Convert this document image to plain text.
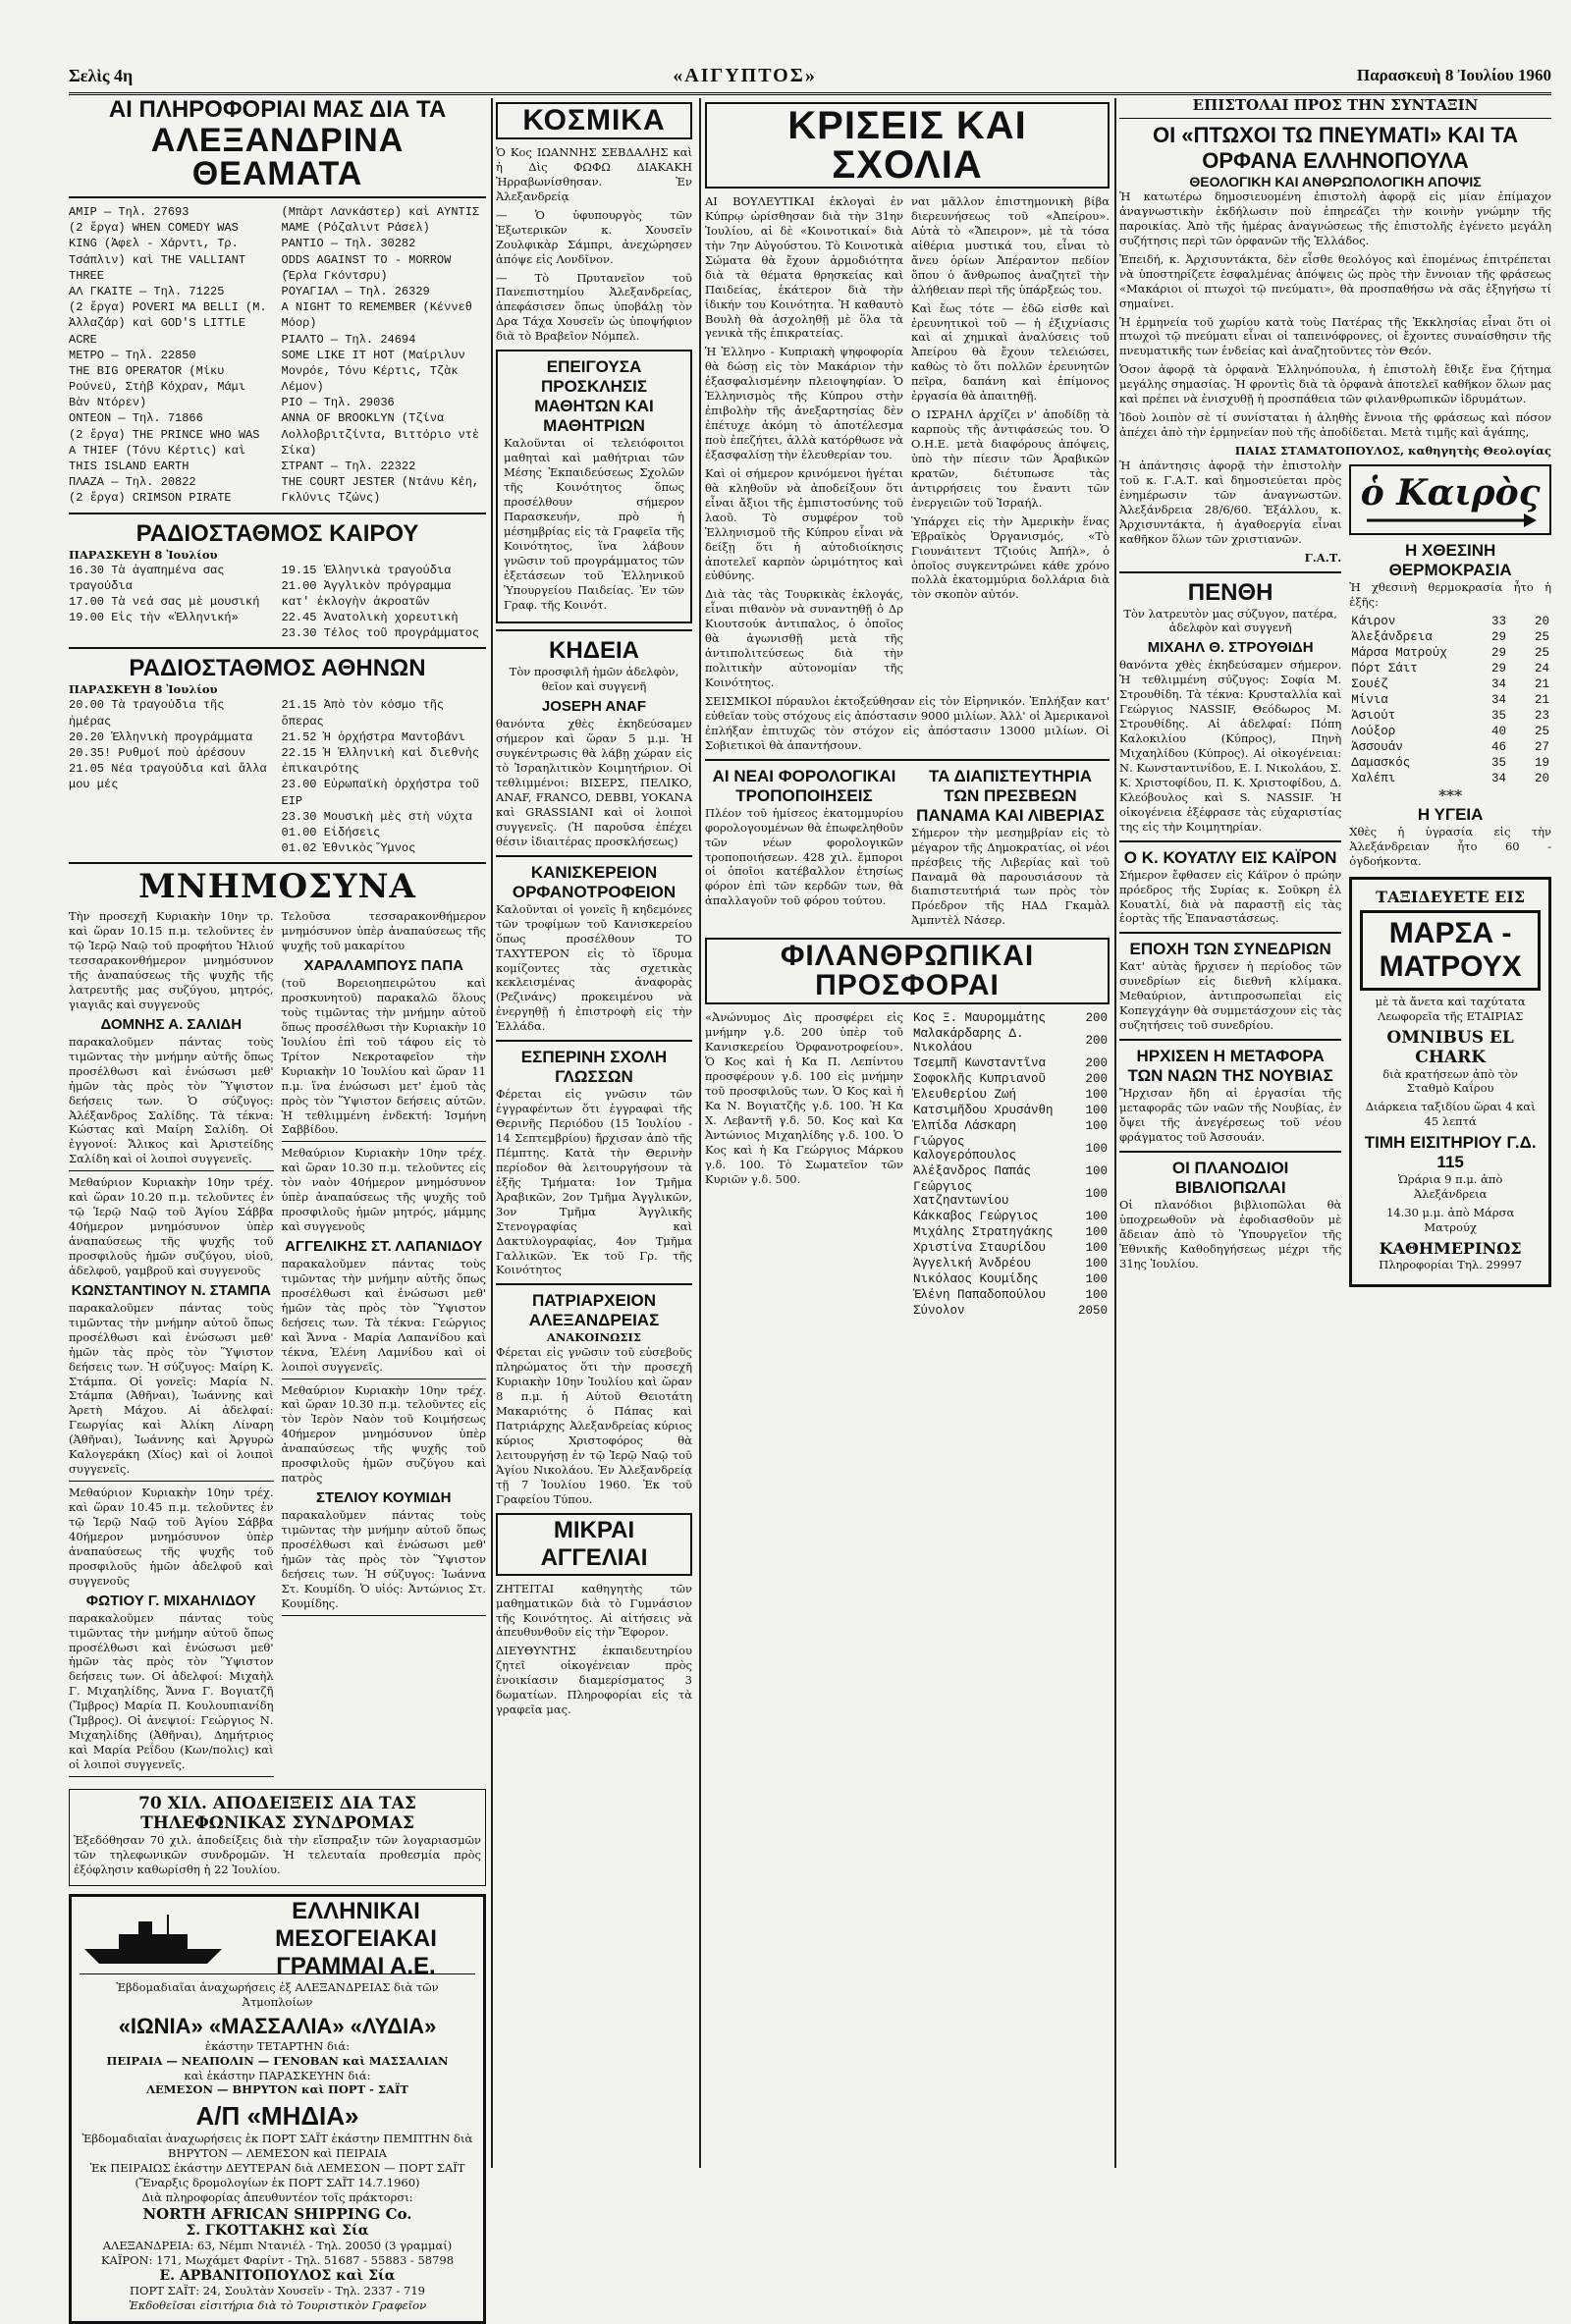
Σελὶς 4η	«ΑΙΓΥΠΤΟΣ»	Παρασκευὴ 8 Ἰουλίου 1960
ΑΙ ΠΛΗΡΟΦΟΡΙΑΙ ΜΑΣ ΔΙΑ ΤΑ
ΑΛΕΞΑΝΔΡΙΝΑ ΘΕΑΜΑΤΑ
ΑΜΙΡ — Τηλ. 27693
(2 ἔργα) WHEN COMEDY WAS KING (Ἀφελ - Χάρντι, Τρ. Τσάπλιν) καὶ THE VALLIANT THREE
ΑΛ ΓΚΑΙΤΕ — Τηλ. 71225
(2 ἔργα) POVERI MA BELLI (Μ. Ἀλλαζάρ) καὶ GOD'S LITTLE ACRE
ΜΕΤΡΟ — Τηλ. 22850
THE BIG OPERATOR (Μίκυ Ρούνεϋ, Στὴβ Κόχραν, Μάμι Βὰν Ντόρεν)
ΟΝΤΕΟΝ — Τηλ. 71866
(2 ἔργα) THE PRINCE WHO WAS A THIEF (Τόνυ Κέρτις) καὶ THIS ISLAND EARTH
ΠΛΑΖΑ — Τηλ. 20822
(2 ἔργα) CRIMSON PIRATE
(Μπὰρτ Λανκάστερ) καὶ ΑΥΝΤΙΣ ΜΑΜΕ (Ρόζαλιντ Ράσελ)
ΡΑΝΤΙΟ — Τηλ. 30282
ODDS AGAINST TO - MORROW (Ἔρλα Γκόντσρυ)
ΡΟΥΑΓΙΑΛ — Τηλ. 26329
A NIGHT TO REMEMBER (Κέννεθ Μόορ)
ΡΙΑΛΤΟ — Τηλ. 24694
SOME LIKE IT HOT (Μαίριλυν Μονρόε, Τόνυ Κέρτις, Τζὰκ Λέμον)
ΡΙΟ — Τηλ. 29036
ANNA OF BROOKLYN (Τζίνα Λολλοβριτζίντα, Βιττόριο ντὲ Σίκα)
ΣΤΡΑΝΤ — Τηλ. 22322
THE COURT JESTER (Ντάνυ Κέη, Γκλύνις Τζώνς)
ΡΑΔΙΟΣΤΑΘΜΟΣ ΚΑΙΡΟΥ
ΠΑΡΑΣΚΕΥΗ 8 Ἰουλίου
16.30 Τὰ ἀγαπημένα σας τραγούδια
17.00 Τὰ νεά σας μὲ μουσική
19.00 Εἰς τὴν «Ἑλληνική»
19.15 Ἑλληνικὰ τραγούδια
21.00 Ἀγγλικὸν πρόγραμμα κατ' ἐκλογὴν ἀκροατῶν
22.45 Ἀνατολικὴ χορευτικὴ
23.30 Τέλος τοῦ προγράμματος
ΡΑΔΙΟΣΤΑΘΜΟΣ ΑΘΗΝΩΝ
ΠΑΡΑΣΚΕΥΗ 8 Ἰουλίου
20.00 Τὰ τραγούδια τῆς ἡμέρας
20.20 Ἑλληνικὴ προγράμματα
20.35! Ρυθμοί ποὺ ἀρέσουν
21.05 Νέα τραγούδια καὶ ἄλλα μου μές
21.15 Ἀπὸ τὸν κόσμο τῆς ὄπερας
21.52 Ἡ ὀρχήστρα Μαντοβάνι
22.15 Ἡ Ἑλληνικὴ καὶ διεθνὴς ἐπικαιρότης
23.00 Εὐρωπαϊκὴ ὀρχήστρα τοῦ ΕΙΡ
23.30 Μουσικὴ μὲς στὴ νύχτα
01.00 Εἰδήσεις
01.02 Ἐθνικὸς Ὕμνος
ΜΝΗΜΟΣΥΝΑ

Τὴν προσεχῆ Κυριακὴν 10ην τρ. καὶ ὥραν 10.15 π.μ. τελοῦντες ἐν τῷ Ἱερῷ Ναῷ τοῦ προφήτου Ἠλιού τεσσαρακονθήμερον μνημόσυνον τῆς ἀναπαύσεως τῆς ψυχῆς τῆς λατρευτῆς μας συζύγου, μητρός, γιαγιᾶς καὶ συγγενοῦς

ΔΟΜΝΗΣ Α. ΣΑΛΙΔΗ

παρακαλοῦμεν πάντας τοὺς τιμῶντας τὴν μνήμην αὐτῆς ὅπως προσέλθωσι καὶ ἑνώσωσι μεθ' ἡμῶν τὰς πρὸς τὸν Ὕψιστον δεήσεις των. Ὁ σύζυγος: Ἀλέξανδρος Σαλίδης. Τὰ τέκνα: Κώστας καὶ Μαίρη Σαλίδη. Οἱ ἐγγονοί: Ἄλικος καὶ Ἀριστείδης Σαλίδη καὶ οἱ λοιποὶ συγγενεῖς.

Μεθαύριον Κυριακὴν 10ην τρέχ. καὶ ὥραν 10.20 π.μ. τελοῦντες ἐν τῷ Ἱερῷ Ναῷ τοῦ Ἁγίου Σάββα 40ήμερον μνημόσυνον ὑπὲρ ἀναπαύσεως τῆς ψυχῆς τοῦ προσφιλοῦς ἡμῶν συζύγου, υἱοῦ, ἀδελφοῦ, γαμβροῦ καὶ συγγενοῦς

ΚΩΝΣΤΑΝΤΙΝΟΥ Ν. ΣΤΑΜΠΑ

παρακαλοῦμεν πάντας τοὺς τιμῶντας τὴν μνήμην αὐτοῦ ὅπως προσέλθωσι καὶ ἑνώσωσι μεθ' ἡμῶν τὰς πρὸς τὸν Ὕψιστον δεήσεις των. Ἡ σύζυγος: Μαίρη Κ. Στάμπα. Οἱ γονεῖς: Μαρία Ν. Στάμπα (Ἀθῆναι), Ἰωάννης καὶ Ἀρετὴ Μάχου. Αἱ ἀδελφαί: Γεωργίας καὶ Ἀλίκη Λίναρη (Ἀθῆναι), Ἰωάννης καὶ Ἀργυρὼ Καλογεράκη (Χίος) καὶ οἱ λοιποὶ συγγενεῖς.

Μεθαύριον Κυριακὴν 10ην τρέχ. καὶ ὥραν 10.45 π.μ. τελοῦντες ἐν τῷ Ἱερῷ Ναῷ τοῦ Ἁγίου Σάββα 40ήμερον μνημόσυνον ὑπὲρ ἀναπαύσεως τῆς ψυχῆς τοῦ προσφιλοῦς ἡμῶν ἀδελφοῦ καὶ συγγενοῦς

ΦΩΤΙΟΥ Γ. ΜΙΧΑΗΛΙΔΟΥ

παρακαλοῦμεν πάντας τοὺς τιμῶντας τὴν μνήμην αὐτοῦ ὅπως προσέλθωσι καὶ ἑνώσωσι μεθ' ἡμῶν τὰς πρὸς τὸν Ὕψιστον δεήσεις των. Οἱ ἀδελφοί: Μιχαὴλ Γ. Μιχαηλίδης, Ἄννα Γ. Βογιατζῆ (Ἴμβρος) Μαρία Π. Κουλουπιανίδη (Ἴμβρος). Οἱ ἀνεψιοί: Γεώργιος Ν. Μιχαηλίδης (Ἀθῆναι), Δημήτριος καὶ Μαρία Ρεΐδου (Κων/πολις) καὶ οἱ λοιποὶ συγγενεῖς.

Τελοῦσα τεσσαρακονθήμερον μνημόσυνον ὑπὲρ ἀναπαύσεως τῆς ψυχῆς τοῦ μακαρίτου

ΧΑΡΑΛΑΜΠΟΥΣ ΠΑΠΑ

(τοῦ Βορειοηπειρώτου καὶ προσκυνητοῦ) παρακαλῶ ὅλους τοὺς τιμῶντας τὴν μνήμην αὐτοῦ ὅπως προσέλθωσι τὴν Κυριακὴν 10 Ἰουλίου ἐπὶ τοῦ τάφου εἰς τὸ Τρίτον Νεκροταφεῖον τὴν Κυριακὴν 10 Ἰουλίου καὶ ὥραν 11 π.μ. ἵνα ἑνώσωσι μετ' ἐμοῦ τὰς πρὸς τὸν Ὕψιστον δεήσεις αὐτῶν. Ἡ τεθλιμμένη ἐνδεκτή: Ἰσμήνη Σαββίδου.

Μεθαύριον Κυριακὴν 10ην τρέχ. καὶ ὥραν 10.30 π.μ. τελοῦντες εἰς τὸν ναὸν 40ήμερον μνημόσυνον ὑπὲρ ἀναπαύσεως τῆς ψυχῆς τοῦ προσφιλοῦς ἡμῶν μητρός, μάμμης καὶ συγγενοῦς

ΑΓΓΕΛΙΚΗΣ ΣΤ. ΛΑΠΑΝΙΔΟΥ

παρακαλοῦμεν πάντας τοὺς τιμῶντας τὴν μνήμην αὐτῆς ὅπως προσέλθωσι καὶ ἑνώσωσι μεθ' ἡμῶν τὰς πρὸς τὸν Ὕψιστον δεήσεις των. Τὰ τέκνα: Γεώργιος καὶ Ἄννα - Μαρία Λαπανίδου καὶ τέκνα, Ἑλένη Λαμνίδου καὶ οἱ λοιποὶ συγγενεῖς.

Μεθαύριον Κυριακὴν 10ην τρέχ. καὶ ὥραν 10.30 π.μ. τελοῦντες εἰς τὸν Ἱερὸν Ναὸν τοῦ Κοιμήσεως 40ήμερον μνημόσυνον ὑπὲρ ἀναπαύσεως τῆς ψυχῆς τοῦ προσφιλοῦς ἡμῶν συζύγου καὶ πατρὸς

ΣΤΕΛΙΟΥ ΚΟΥΜΙΔΗ

παρακαλοῦμεν πάντας τοὺς τιμῶντας τὴν μνήμην αὐτοῦ ὅπως προσέλθωσι καὶ ἑνώσωσι μεθ' ἡμῶν τὰς πρὸς τὸν Ὕψιστον δεήσεις των. Ἡ σύζυγος: Ἰωάννα Στ. Κουμίδη. Ὁ υἱός: Ἀντώνιος Στ. Κουμίδης.

70 ΧΙΛ. ΑΠΟΔΕΙΞΕΙΣ ΔΙΑ ΤΑΣ ΤΗΛΕΦΩΝΙΚΑΣ ΣΥΝΔΡΟΜΑΣ

Ἐξεδόθησαν 70 χιλ. ἀποδείξεις διὰ τὴν εἴσπραξιν τῶν λογαριασμῶν τῶν τηλεφωνικῶν συνδρομῶν. Ἡ τελευταία προθεσμία πρὸς ἐξόφλησιν καθωρίσθη ἡ 22 Ἰουλίου.

ΕΛΛΗΝΙΚΑΙ ΜΕΣΟΓΕΙΑΚΑΙ ΓΡΑΜΜΑΙ Α.Ε.

Ἑβδομαδιαῖαι ἀναχωρήσεις ἐξ ΑΛΕΞΑΝΔΡΕΙΑΣ διὰ τῶν Ἀτμοπλοίων

«ΙΩΝΙΑ» «ΜΑΣΣΑΛΙΑ» «ΛΥΔΙΑ»
ἑκάστην ΤΕΤΑΡΤΗΝ διά:
ΠΕΙΡΑΙΑ — ΝΕΑΠΟΛΙΝ — ΓΕΝΟΒΑΝ καὶ ΜΑΣΣΑΛΙΑΝ
καὶ ἑκάστην ΠΑΡΑΣΚΕΥΗΝ διά:
ΛΕΜΕΣΟΝ — ΒΗΡΥΤΟΝ καὶ ΠΟΡΤ - ΣΑΪΤ
Α/Π «ΜΗΔΙΑ»
Ἑβδομαδιαῖαι ἀναχωρήσεις ἐκ ΠΟΡΤ ΣΑΪΤ ἑκάστην ΠΕΜΠΤΗΝ διὰ ΒΗΡΥΤΟΝ — ΛΕΜΕΣΟΝ καὶ ΠΕΙΡΑΙΑ
Ἐκ ΠΕΙΡΑΙΩΣ ἑκάστην ΔΕΥΤΕΡΑΝ διὰ ΛΕΜΕΣΟΝ — ΠΟΡΤ ΣΑΪΤ
(Ἔναρξις δρομολογίων ἐκ ΠΟΡΤ ΣΑΪΤ 14.7.1960)
Διὰ πληροφορίας ἀπευθυντέον τοῖς πράκτορσι:
NORTH AFRICAN SHIPPING Co.
Σ. ΓΚΟΤΤΑΚΗΣ καὶ Σία
ΑΛΕΞΑΝΔΡΕΙΑ: 63, Νέμπι Ντανιέλ - Τηλ. 20050 (3 γραμμαί)
ΚΑΪΡΟΝ: 171, Μωχάμετ Φαρίντ - Τηλ. 51687 - 55883 - 58798
Ε. ΑΡΒΑΝΙΤΟΠΟΥΛΟΣ καὶ Σία
ΠΟΡΤ ΣΑΪΤ: 24, Σουλτὰν Χουσεῖν - Τηλ. 2337 - 719
Ἐκδοθεῖσαι εἰσιτήρια διὰ τὸ Τουριστικὸν Γραφεῖον
ΚΟΣΜΙΚΑ

Ὁ Κος ΙΩΑΝΝΗΣ ΣΕΒΔΑΛΗΣ καὶ ἡ Δὶς ΦΩΦΩ ΔΙΑΚΑΚΗ Ἠρραβωνίσθησαν. Ἐν Ἀλεξανδρείᾳ

— Ὁ ὑφυπουργὸς τῶν Ἐξωτερικῶν κ. Χουσεῖν Ζουλφικὰρ Σάμπρι, ἀνεχώρησεν ἀπόψε εἰς Λονδῖνον.

— Τὸ Πρυτανεῖον τοῦ Πανεπιστημίου Ἀλεξανδρείας, ἀπεφάσισεν ὅπως ὑποβάλῃ τὸν Δρα Τάχα Χουσεῖν ὡς ὑποψήφιον διὰ τὸ Βραβεῖον Νόμπελ.

ΕΠΕΙΓΟΥΣΑ ΠΡΟΣΚΛΗΣΙΣ ΜΑΘΗΤΩΝ ΚΑΙ ΜΑΘΗΤΡΙΩΝ

Καλοῦνται οἱ τελειόφοιτοι μαθηταὶ καὶ μαθήτριαι τῶν Μέσης Ἐκπαιδεύσεως Σχολῶν τῆς Κοινότητος ὅπως προσέλθουν σήμερον Παρασκευήν, πρὸ ἡ μέσημβρίας εἰς τὰ Γραφεῖα τῆς Κοινότητος, ἵνα λάβουν γνῶσιν τοῦ προγράμματος τῶν ἐξετάσεων τοῦ Ἑλληνικοῦ Ὑπουργείου Παιδείας. Ἐν τῶν Γραφ. τῆς Κοινότ.

ΚΗΔΕΙΑ

Τὸν προσφιλῆ ἡμῶν ἀδελφὸν, θεῖον καὶ συγγενῆ

JOSEPH ANAF

θανόντα χθὲς ἐκηδεύσαμεν σήμερον καὶ ὥραν 5 μ.μ. Ἡ συγκέντρωσις θὰ λάβῃ χώραν εἰς τὸ Ἰσραηλιτικὸν Κοιμητήριον. Οἱ τεθλιμμένοι: ΒΙΣΕΡΣ, ΠΕΛΙΚΟ, ANAF, FRANCO, DEBBI, YOKANA καὶ GRASSIANI καὶ οἱ λοιποὶ συγγενεῖς. (Ἡ παροῦσα ἐπέχει θέσιν ἰδιαιτέρας προσκλήσεως)

ΚΑΝΙΣΚΕΡΕΙΟΝ ΟΡΦΑΝΟΤΡΟΦΕΙΟΝ

Καλοῦνται οἱ γονεῖς ἢ κηδεμόνες τῶν τροφίμων τοῦ Κανισκερείου ὅπως προσέλθουν ΤΟ ΤΑΧΥΤΕΡΟΝ εἰς τὸ ἵδρυμα κομίζοντες τὰς σχετικὰς κεκλεισμένας ἀναφορὰς (Ρεζινάνς) προκειμένου νὰ ἐνεργηθῇ ἡ ἐπιστροφὴ εἰς τὴν Ἑλλάδα.

ΕΣΠΕΡΙΝΗ ΣΧΟΛΗ ΓΛΩΣΣΩΝ

Φέρεται εἰς γνῶσιν τῶν ἐγγραφέντων ὅτι ἐγγραφαὶ τῆς Θερινῆς Περιόδου (15 Ἰουλίου - 14 Σεπτεμβρίου) ἤρχισαν ἀπὸ τῆς Πέμπτης. Κατὰ τὴν Θερινὴν περίοδον θὰ λειτουργήσουν τὰ ἑξῆς Τμήματα: 1ον Τμῆμα Ἀραβικῶν, 2ον Τμῆμα Ἀγγλικῶν, 3ον Τμῆμα Ἀγγλικῆς Στενογραφίας καὶ Δακτυλογραφίας, 4ον Τμῆμα Γαλλικῶν. Ἐκ τοῦ Γρ. τῆς Κοινότητος

ΠΑΤΡΙΑΡΧΕΙΟΝ ΑΛΕΞΑΝΔΡΕΙΑΣ
ΑΝΑΚΟΙΝΩΣΙΣ

Φέρεται εἰς γνῶσιν τοῦ εὐσεβοῦς πληρώματος ὅτι τὴν προσεχῆ Κυριακὴν 10ην Ἰουλίου καὶ ὥραν 8 π.μ. ἡ Αὐτοῦ Θειοτάτη Μακαριότης ὁ Πάπας καὶ Πατριάρχης Ἀλεξανδρείας κύριος κύριος Χριστοφόρος θὰ λειτουργήσῃ ἐν τῷ Ἱερῷ Ναῷ τοῦ Ἁγίου Νικολάου. Ἐν Ἀλεξανδρείᾳ τῇ 7 Ἰουλίου 1960. Ἐκ τοῦ Γραφείου Τύπου.

ΜΙΚΡΑΙ ΑΓΓΕΛΙΑΙ

ΖΗΤΕΙΤΑΙ καθηγητὴς τῶν μαθηματικῶν διὰ τὸ Γυμνάσιον τῆς Κοινότητος. Αἱ αἰτήσεις νὰ ἀπευθυνθοῦν εἰς τὴν Ἔφορον.

ΔΙΕΥΘΥΝΤΗΣ ἐκπαιδευτηρίου ζητεῖ οἰκογένειαν πρὸς ἐνοικίασιν διαμερίσματος 3 δωματίων. Πληροφορίαι εἰς τὰ γραφεῖα μας.

ΚΡΙΣΕΙΣ ΚΑΙ ΣΧΟΛΙΑ

ΑΙ ΒΟΥΛΕΥΤΙΚΑΙ ἐκλογαὶ ἐν Κύπρῳ ὡρίσθησαν διὰ τὴν 31ην Ἰουλίου, αἱ δὲ «Κοινοτικαί» διὰ τὴν 7ην Αὐγούστου. Τὸ Κοινοτικὰ Σώματα θὰ ἔχουν ἀρμοδιότητα διὰ τὰ θέματα θρησκείας καὶ Παιδείας, ἑκάτερον διὰ τὴν ἰδικήν του Κοινότητα. Ἡ καθαυτὸ Βουλὴ θὰ ἀσχοληθῇ μὲ ὅλα τὰ γενικὰ τῆς ἐπικρατείας.

Ἡ Ἑλληνο - Κυπριακὴ ψηφοφορία θὰ δώσῃ εἰς τὸν Μακάριον τὴν ἐξασφαλισμένην πλειοψηφίαν. Ὁ Ἑλληνισμὸς τῆς Κύπρου στὴν ἐπιβολὴν τῆς ἀνεξαρτησίας δὲν ἐπέτυχε ἀκόμη τὸ ἀποτέλεσμα ποὺ ἐπεζήτει, ἀλλὰ κατόρθωσε νὰ ἐξασφαλίσῃ τὴν ἐλευθερίαν του.

Καὶ οἱ σήμερον κρινόμενοι ἡγέται θὰ κληθοῦν νὰ ἀποδείξουν ὅτι εἶναι ἄξιοι τῆς ἐμπιστοσύνης τοῦ λαοῦ. Τὸ συμφέρον τοῦ Ἑλληνισμοῦ τῆς Κύπρου εἶναι νὰ δείξῃ ὅτι ἡ αὐτοδιοίκησις ἀποτελεῖ καρπὸν ὡριμότητος καὶ εὐθύνης.

Διὰ τὰς τὰς Τουρκικὰς ἐκλογάς, εἶναι πιθανὸν νὰ συναντηθῇ ὁ Δρ Κιουτσούκ ἀντιπαλος, ὁ ὁποῖος θὰ ἀγωνισθῇ μετὰ τῆς ἀντιπολιτεύσεως διὰ τὴν πολιτικὴν αὐτονομίαν τῆς Κοινότητος.

ναι μᾶλλον ἐπιστημονικὴ βίβα διερευνήσεως τοῦ «Ἀπείρου». Αὐτὰ τὸ «Ἄπειρον», μὲ τὰ τόσα αἰθέρια μυστικά του, εἶναι τὸ ἄνευ ὁρίων Ἀπέραντον πεδίον ὅπου ὁ ἄνθρωπος ἀναζητεῖ τὴν ἀλήθειαν περὶ τῆς ὑπάρξεώς του.

Καὶ ἔως τότε — ἐδῶ εἰσθε καὶ ἐρευνητικοὶ τοῦ — ἡ ἐξιχνίασις καὶ αἱ χημικαὶ ἀναλύσεις τοῦ Ἀπείρου θὰ ἔχουν τελειώσει, καθὼς τὸ ὅτι πολλῶν ἐρευνητῶν πεῖρα, δαπάνη καὶ ἐπίμονος ἐργασία θὰ ἀπαιτηθῇ.

Ο ΙΣΡΑΗΛ ἀρχίζει ν' ἀποδίδῃ τὰ καρποὺς τῆς ἀντιφάσεώς του. Ὁ Ο.Η.Ε. μετὰ διαφόρους ἀπόψεις, ὑπὸ τὴν πίεσιν τῶν Ἀραβικῶν κρατῶν, διέτυπωσε τὰς ἀντιρρήσεις του ἔναντι τῶν ἐνεργειῶν τοῦ Ἰσραήλ.

Ὑπάρχει εἰς τὴν Ἀμερικὴν ἕνας Ἑβραϊκὸς Ὀργανισμός, «Τὸ Γιουνάιτεντ Τζιούις Ἀπήλ», ὁ ὁποῖος συγκεντρώνει κάθε χρόνο πολλὰ ἑκατομμύρια δολλάρια διὰ τὸν σκοπὸν αὐτόν.

ΣΕΙΣΜΙΚΟΙ πύραυλοι ἐκτοξεύθησαν εἰς τὸν Εἰρηνικόν. Ἐπλήξαν κατ' εὐθεῖαν τοὺς στόχους εἰς ἀπόστασιν 9000 μιλίων. Ἀλλ' οἱ Ἀμερικανοὶ ἐπλήξαν ἐπιτυχῶς τὸν στόχον εἰς ἀπόστασιν 13000 μιλίων. Οἱ Σοβιετικοὶ θὰ ἀπαντήσουν.

ΑΙ ΝΕΑΙ ΦΟΡΟΛΟΓΙΚΑΙ ΤΡΟΠΟΠΟΙΗΣΕΙΣ

Πλέον τοῦ ἡμίσεος ἑκατομμυρίου φορολογουμένων θὰ ἐπωφεληθοῦν τῶν νέων φορολογικῶν τροποποιήσεων. 428 χιλ. ἔμποροι οἱ ὁποῖοι κατέβαλλον ἐτησίως φόρον ἐπὶ τῶν κερδῶν των, θὰ ἀπαλλαγοῦν τοῦ φόρου τούτου.

ΤΑ ΔΙΑΠΙΣΤΕΥΤΗΡΙΑ ΤΩΝ ΠΡΕΣΒΕΩΝ ΠΑΝΑΜΑ ΚΑΙ ΛΙΒΕΡΙΑΣ

Σήμερον τὴν μεσημβρίαν εἰς τὸ μέγαρον τῆς Δημοκρατίας, οἱ νέοι πρέσβεις τῆς Λιβερίας καὶ τοῦ Παναμᾶ θὰ παρουσιάσουν τὰ διαπιστευτήριά των πρὸς τὸν Πρόεδρον τῆς ΗΑΔ Γκαμὰλ Ἀμπντὲλ Νάσερ.

ΦΙΛΑΝΘΡΩΠΙΚΑΙ ΠΡΟΣΦΟΡΑΙ

«Ἀνώνυμος Δὶς προσφέρει εἰς μνήμην γ.δ. 200 ὑπὲρ τοῦ Κανισκερείου Ὀρφανοτροφείου». Ὁ Κος καὶ ἡ Κα Π. Λεπίντου προσφέρουν γ.δ. 100 εἰς μνήμην τοῦ προσφιλοῦς των. Ὁ Κος καὶ ἡ Κα Ν. Βογιατζῆς γ.δ. 100. Ἡ Κα Χ. Λεβαντῆ γ.δ. 50. Κος καὶ Κα Ἀντώνιος Μιχαηλίδης γ.δ. 100. Ὁ Κος καὶ ἡ Κα Γεώργιος Μάρκου γ.δ. 100. Τὸ Σωματεῖον τῶν Κυριῶν γ.δ. 500.

Κος Ξ. Μαυρομμάτης	200
Μαλακάρδαρης Δ. Νικολάου	200
Τσεμπῆ Κωνσταντῖνα	200
Σοφοκλῆς Κυπριανοῦ	200
Ἐλευθερίου Ζωή	100
Κατσιμῆδου Χρυσάνθη	100
Ἐλπίδα Λάσκαρη	100
Γιώργος Καλογερόπουλος	100
Ἀλέξανδρος Παπάς	100
Γεώργιος Χατζηαντωνίου	100
Κάκκαβος Γεώργιος	100
Μιχάλης Στρατηγάκης	100
Χριστίνα Σταυρίδου	100
Ἀγγελική Ἀνδρέου	100
Νικόλαος Κουμίδης	100
Ἑλένη Παπαδοπούλου	100
Σύνολον	2050
ΕΠΙΣΤΟΛΑΙ ΠΡΟΣ ΤΗΝ ΣΥΝΤΑΞΙΝ
ΟΙ «ΠΤΩΧΟΙ ΤΩ ΠΝΕΥΜΑΤΙ» ΚΑΙ ΤΑ ΟΡΦΑΝΑ ΕΛΛΗΝΟΠΟΥΛΑ
ΘΕΟΛΟΓΙΚΗ ΚΑΙ ΑΝΘΡΩΠΟΛΟΓΙΚΗ ΑΠΟΨΙΣ

Ἡ κατωτέρω δημοσιευομένη ἐπιστολὴ ἀφορᾷ εἰς μίαν ἐπίμαχον ἀναγνωστικὴν ἐκδήλωσιν ποὺ ἐπηρεάζει τὴν κοινὴν γνώμην τῆς παροικίας. Ἀπὸ τῆς ἡμέρας ἀναγνώσεως τῆς ἐπιστολῆς ἐγένετο μεγάλη συζήτησις περὶ τῶν ὀρφανῶν τῆς Ἑλλάδος.

Ἐπειδή, κ. Ἀρχισυντάκτα, δὲν εἶσθε θεολόγος καὶ ἐπομένως ἐπιτρέπεται νὰ ὑποστηρίζετε ἐσφαλμένας ἀπόψεις ὡς πρὸς τὴν ἔννοιαν τῆς φράσεως «Μακάριοι οἱ πτωχοὶ τῷ πνεύματι», θὰ προσπαθήσω νὰ σᾶς ἐξηγήσω τί σημαίνει.

Ἡ ἐρμηνεία τοῦ χωρίου κατὰ τοὺς Πατέρας τῆς Ἐκκλησίας εἶναι ὅτι οἱ πτωχοὶ τῷ πνεύματι εἶναι οἱ ταπεινόφρονες, οἱ ἔχοντες συναίσθησιν τῆς πνευματικῆς των ἐνδείας καὶ ἀναζητοῦντες τὸν Θεόν.

Ὁσον ἀφορᾷ τὰ ὀρφανὰ Ἑλληνόπουλα, ἡ ἐπιστολὴ ἔθιξε ἕνα ζήτημα μεγάλης σημασίας. Ἡ φροντὶς διὰ τὰ ὀρφανὰ ἀποτελεῖ καθῆκον ὅλων μας καὶ πρέπει νὰ ἐνισχυθῇ ἡ προσπάθεια τῶν φιλανθρωπικῶν ἱδρυμάτων.

Ἰδοὺ λοιπὸν σὲ τί συνίσταται ἡ ἀληθὴς ἔννοια τῆς φράσεως καὶ πόσον ἀπέχει ἀπὸ τὴν ἑρμηνείαν ποὺ τῆς ἀποδίδεται. Μετὰ τιμῆς καὶ ἀγάπης,

ΠΑΙΑΣ ΣΤΑΜΑΤΟΠΟΥΛΟΣ, καθηγητὴς Θεολογίας

Ἡ ἀπάντησις ἀφορᾷ τὴν ἐπιστολὴν τοῦ κ. Γ.Α.Τ. καὶ δημοσιεύεται πρὸς ἐνημέρωσιν τῶν ἀναγνωστῶν. Ἀλεξάνδρεια 28/6/60. Ἐξάλλου, κ. Ἀρχισυντάκτα, ἡ ἀγαθοεργία εἶναι καθῆκον ὅλων τῶν χριστιανῶν.

Γ.Α.Τ.
ΠΕΝΘΗ

Τὸν λατρευτὸν μας σύζυγον, πατέρα, ἀδελφὸν καὶ συγγενῆ

ΜΙΧΑΗΛ Θ. ΣΤΡΟΥΘΙΔΗ

θανόντα χθὲς ἐκηδεύσαμεν σήμερον. Ἡ τεθλιμμένη σύζυγος: Σοφία Μ. Στρουθίδη. Τὰ τέκνα: Κρυσταλλία καὶ Γεώργιος NASSIF, Θεόδωρος Μ. Στρουθίδης. Αἱ ἀδελφαί: Πόπη Καλοκιλίου (Κύπρος), Πηνὴ Μιχαηλίδου (Κύπρος). Αἱ οἰκογένειαι: Ν. Κωνσταντινίδου, Ε. Ι. Νικολάου, Σ. Κ. Χριστοφίδου, Π. Κ. Χριστοφίδου, Δ. Κλεόβουλος καὶ S. NASSIF. Ἡ οἰκογένεια ἐξέφρασε τὰς εὐχαριστίας της εἰς τὴν Κοιμητηρίαν.

Ο Κ. ΚΟΥΑΤΛΥ ΕΙΣ ΚΑΪΡΟΝ

Σήμερον ἔφθασεν εἰς Κάϊρον ὁ πρώην πρόεδρος τῆς Συρίας κ. Σοῦκρη ἐλ Κουατλί, διὰ νὰ παραστῇ εἰς τὰς ἑορτὰς τῆς Ἐπαναστάσεως.

ΕΠΟΧΗ ΤΩΝ ΣΥΝΕΔΡΙΩΝ

Κατ' αὐτὰς ἤρχισεν ἡ περίοδος τῶν συνεδρίων εἰς διεθνῆ κλίμακα. Μεθαύριον, ἀντιπροσωπεῖαι εἰς Κοπεγχάγην θὰ συμμετάσχουν εἰς τὰς συζητήσεις τοῦ συνεδρίου.

ΗΡΧΙΣΕΝ Η ΜΕΤΑΦΟΡΑ ΤΩΝ ΝΑΩΝ ΤΗΣ ΝΟΥΒΙΑΣ

Ἤρχισαν ἤδη αἱ ἐργασίαι τῆς μεταφορᾶς τῶν ναῶν τῆς Νουβίας, ἐν ὄψει τῆς ἀνεγέρσεως τοῦ νέου φράγματος τοῦ Ἀσσουάν.

ΟΙ ΠΛΑΝΟΔΙΟΙ ΒΙΒΛΙΟΠΩΛΑΙ

Οἱ πλανόδιοι βιβλιοπῶλαι θὰ ὑποχρεωθοῦν νὰ ἐφοδιασθοῦν μὲ ἄδειαν ἀπὸ τὸ Ὑπουργεῖον τῆς Ἐθνικῆς Καθοδηγήσεως μέχρι τῆς 31ης Ἰουλίου.

ὁ Καιρὸς
Η ΧΘΕΣΙΝΗ ΘΕΡΜΟΚΡΑΣΙΑ

Ἡ χθεσινὴ θερμοκρασία ἦτο ἡ ἑξῆς:

Κάιρον	33	20
Ἀλεξάνδρεια	29	25
Μάρσα Ματρούχ	29	25
Πόρτ Σάιτ	29	24
Σουέζ	34	21
Μίνια	34	21
Ἀσιούτ	35	23
Λούξορ	40	25
Ἀσσουάν	46	27
Δαμασκός	35	19
Χαλέπι	34	20
***
Η ΥΓΕΙΑ

Χθὲς ἡ ὑγρασία εἰς τὴν Ἀλεξάνδρειαν ἦτο 60 - ὀγδοήκοντα.

ΤΑΞΙΔΕΥΕΤΕ ΕΙΣ
ΜΑΡΣΑ - ΜΑΤΡΟΥΧ

μὲ τὰ ἄνετα καὶ ταχύτατα Λεωφορεῖα τῆς ΕΤΑΙΡΙΑΣ

OMNIBUS EL CHARK

διὰ κρατήσεων ἀπὸ τὸν Σταθμὸ Καΐρου

Διάρκεια ταξιδίου ὥραι 4 καὶ 45 λεπτά

ΤΙΜΗ ΕΙΣΙΤΗΡΙΟΥ Γ.Δ. 115

Ὡράρια 9 π.μ. ἀπὸ Ἀλεξάνδρεια

14.30 μ.μ. ἀπὸ Μάρσα Ματρούχ

ΚΑΘΗΜΕΡΙΝΩΣ

Πληροφορίαι Τηλ. 29997
